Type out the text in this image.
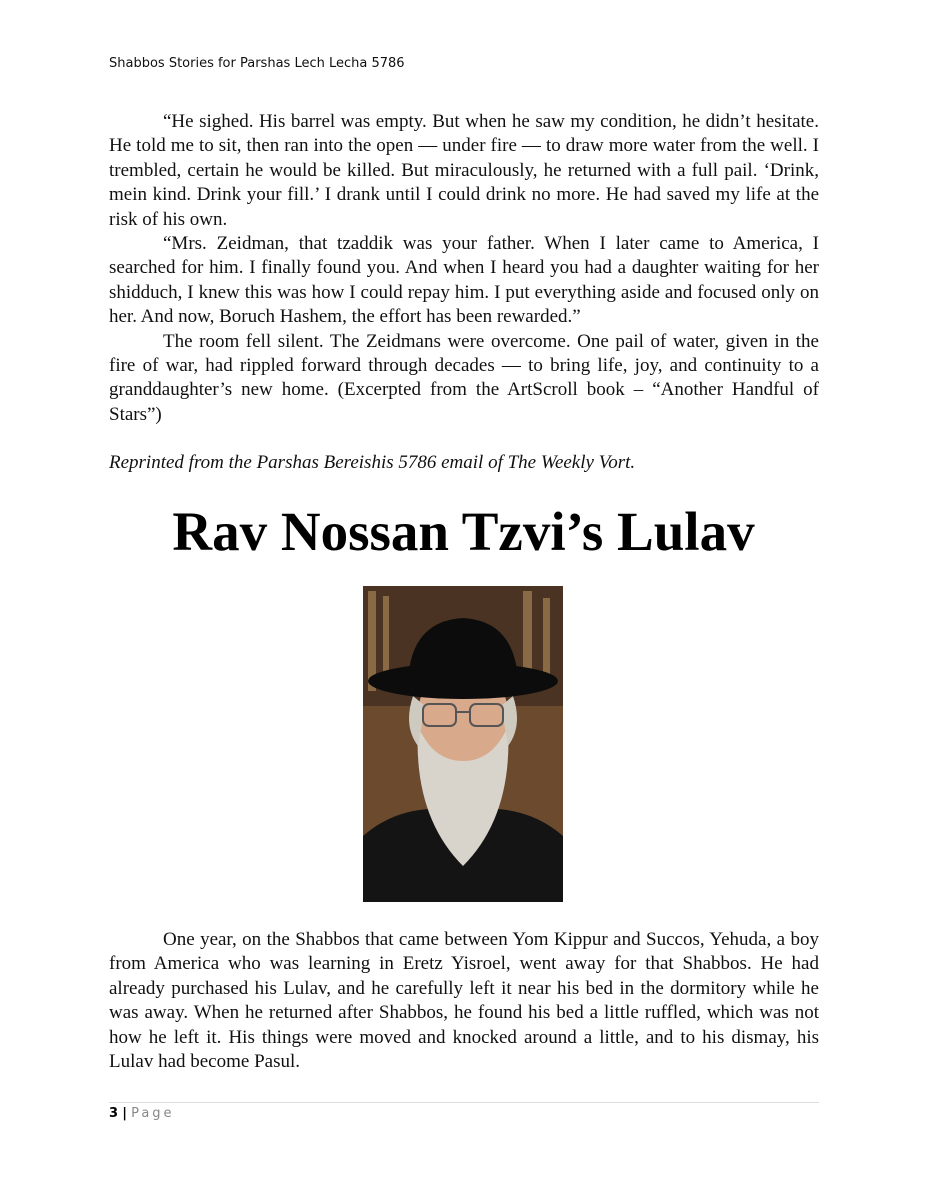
Shabbos Stories for Parshas Lech Lecha 5786

“He sighed. His barrel was empty. But when he saw my condition, he didn’t hesitate. He told me to sit, then ran into the open — under fire — to draw more water from the well. I trembled, certain he would be killed. But miraculously, he returned with a full pail. ‘Drink, mein kind. Drink your fill.’ I drank until I could drink no more. He had saved my life at the risk of his own.

“Mrs. Zeidman, that tzaddik was your father. When I later came to America, I searched for him. I finally found you. And when I heard you had a daughter waiting for her shidduch, I knew this was how I could repay him. I put everything aside and focused only on her. And now, Boruch Hashem, the effort has been rewarded.”

The room fell silent. The Zeidmans were overcome. One pail of water, given in the fire of war, had rippled forward through decades — to bring life, joy, and continuity to a granddaughter’s new home. (Excerpted from the ArtScroll book – “Another Handful of Stars”)

Reprinted from the Parshas Bereishis 5786 email of The Weekly Vort.
Rav Nossan Tzvi’s Lulav

One year, on the Shabbos that came between Yom Kippur and Succos, Yehuda, a boy from America who was learning in Eretz Yisroel, went away for that Shabbos. He had already purchased his Lulav, and he carefully left it near his bed in the dormitory while he was away. When he returned after Shabbos, he found his bed a little ruffled, which was not how he left it. His things were moved and knocked around a little, and to his dismay, his Lulav had become Pasul.

3 | Page
